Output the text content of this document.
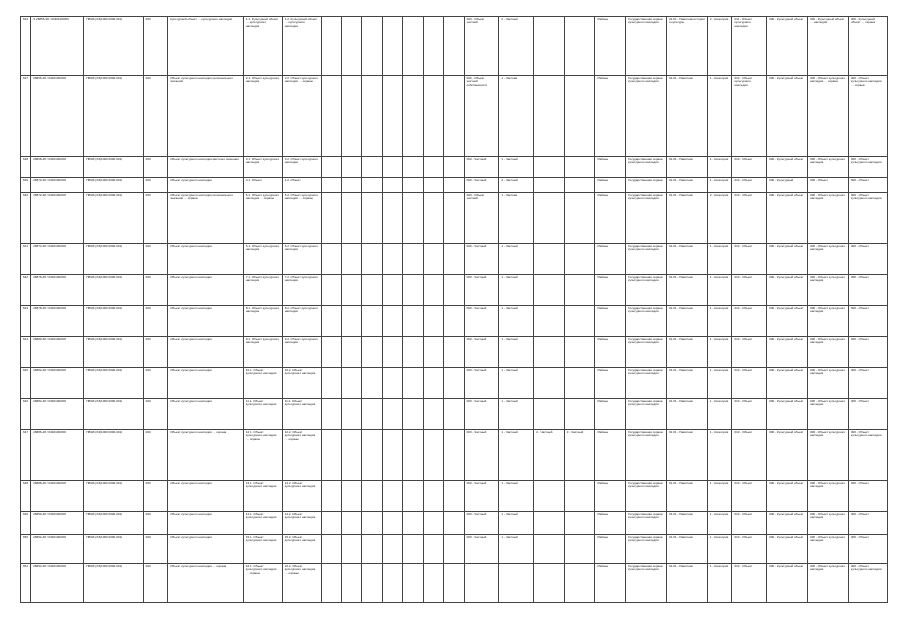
634	S 26855-48 / 03401000/00	ПВЭЗ (ХЗ(1000 0000-001)	К00	Культурный объект … культурного наследия	1.1. Культурный объект … культурного наследия	1.2. Культурный объект … культурного наследия								000 - Объект частной	2 - Частный			Районы	Государственная охрана культурного наследия	01.01 - Памятник истории и культуры	2 - Категория	011 - Объект культурного наследия	000 - Культурный объект	000 - Культурный объект … наследия	000 - Культурный объект … охрана
637	26866-48 / 03401000/00	ПВЭЗ (ХЗ(1000 0000-001)	К00	Объект культурного наследия регионального значения	2.1. Объект культурного наследия	2.2. Объект культурного наследия … охраны								000 - Объект частной собственности	1 - Частная			Районы	Государственная охрана культурного наследия	01.01 - Памятник	1 - Категория	010 - Объект культурного наследия	000 - Культурный объект	000 - Объект культурного наследия … охрана	000 - Объект культурного наследия … охрана
638	26868-48 / 03401000/00	ПВЭЗ (ХЗ(1000 0000-001)	К00	Объект культурного наследия местного значения	3.1. Объект культурного наследия	3.2. Объект культурного наследия								000 - Частный	1 - Частный			Районы	Государственная охрана культурного наследия	01.01 - Памятник	1 - Категория	010 - Объект	000 - Культурный объект	000 - Объект культурного наследия	000 - Объект культурного наследия
639	26870-48 / 03401000/00	ПВЭЗ (ХЗ(1000 0000-001)	К00	Объект культурного наследия	4.1. Объект	4.2. Объект								000 - Частный	2 - Частный			Районы	Государственная охрана	01.01 - Памятник	1 - Категория	010 - Объект	000 - Культурный	000 - Объект	000 - Объект
640	26872-48 / 03401000/00	ПВЭЗ (ХЗ(1000 0000-001)	К00	Объект культурного наследия регионального значения … охрана	5.1. Объект культурного наследия … охраны	5.2. Объект культурного наследия … охраны								000 - Объект частной	1 - Частная			Районы	Государственная охрана культурного наследия	01.01 - Памятник	2 - Категория	010 - Объект	000 - Культурный объект	000 - Объект культурного наследия	000 - Объект культурного наследия
641	26874-48 / 03401000/00	ПВЭЗ (ХЗ(1000 0000-001)	К00	Объект культурного наследия	6.1. Объект культурного наследия	6.2. Объект культурного наследия								000 - Частный	1 - Частный			Районы	Государственная охрана культурного наследия	01.01 - Памятник	1 - Категория	010 - Объект	000 - Культурный объект	000 - Объект культурного наследия	000 - Объект
642	26876-48 / 03401000/00	ПВЭЗ (ХЗ(1000 0000-001)	К00	Объект культурного наследия	7.1. Объект культурного наследия	7.2. Объект культурного наследия								000 - Частный	1 - Частный			Районы	Государственная охрана культурного наследия	01.01 - Памятник	1 - Категория	010 - Объект	000 - Культурный объект	000 - Объект культурного наследия	000 - Объект
643	26878-48 / 03401000/00	ПВЭЗ (ХЗ(1000 0000-001)	К00	Объект культурного наследия	8.1. Объект культурного наследия	8.2. Объект культурного наследия								000 - Частный	1 - Частный			Районы	Государственная охрана культурного наследия	01.01 - Памятник	1 - Категория	010 - Объект	000 - Культурный объект	000 - Объект культурного наследия	000 - Объект
644	26880-48 / 03401000/00	ПВЭЗ (ХЗ(1000 0000-001)	К00	Объект культурного наследия	9.1. Объект культурного наследия	9.2. Объект культурного наследия								000 - Частный	1 - Частный			Районы	Государственная охрана культурного наследия	01.01 - Памятник	1 - Категория	010 - Объект	000 - Культурный объект	000 - Объект культурного наследия	000 - Объект
645	26882-48 / 03401000/00	ПВЭЗ (ХЗ(1000 0000-001)	К00	Объект культурного наследия	10.1. Объект культурного наследия	10.2. Объект культурного наследия								000 - Частный	1 - Частный			Районы	Государственная охрана культурного наследия	01.01 - Памятник	1 - Категория	010 - Объект	000 - Культурный объект	000 - Объект культурного наследия	000 - Объект
646	26884-48 / 03401000/00	ПВЭЗ (ХЗ(1000 0000-001)	К00	Объект культурного наследия	11.1. Объект культурного наследия	11.2. Объект культурного наследия								000 - Частный	1 - Частный			Районы	Государственная охрана культурного наследия	01.01 - Памятник	1 - Категория	010 - Объект	000 - Культурный объект	000 - Объект культурного наследия	000 - Объект
647	26886-48 / 03401000/00	ПВЭЗ (ХЗ(1000 0000-001)	К00	Объект культурного наследия … охрана	12.1. Объект культурного наследия … охраны	12.2. Объект культурного наследия … охраны								000 - Частный	1 - Частный	2 - Частный	3 - Частный	Районы	Государственная охрана культурного наследия	01.01 - Памятник	1 - Категория	010 - Объект	000 - Культурный объект	000 - Объект культурного наследия	000 - Объект культурного наследия
648	26888-48 / 03401000/00	ПВЭЗ (ХЗ(1000 0000-001)	К00	Объект культурного наследия	13.1. Объект культурного наследия	13.2. Объект культурного наследия								000 - Частный	1 - Частный			Районы	Государственная охрана культурного наследия	01.01 - Памятник	1 - Категория	010 - Объект	000 - Культурный объект	000 - Объект культурного наследия	000 - Объект
649	26890-48 / 03401000/00	ПВЭЗ (ХЗ(1000 0000-001)	К00	Объект культурного наследия	14.1. Объект культурного наследия	14.2. Объект культурного наследия								000 - Частный	1 - Частный			Районы	Государственная охрана культурного наследия	01.01 - Памятник	1 - Категория	010 - Объект	000 - Культурный объект	000 - Объект культурного наследия	000 - Объект
650	26892-48 / 03401000/00	ПВЭЗ (ХЗ(1000 0000-001)	К00	Объект культурного наследия	15.1. Объект культурного наследия	15.2. Объект культурного наследия								000 - Частный	1 - Частный			Районы	Государственная охрана культурного наследия	01.01 - Памятник	1 - Категория	010 - Объект	000 - Культурный объект	000 - Объект культурного наследия	000 - Объект
651	26894-48 / 03401000/00	ПВЭЗ (ХЗ(1000 0000-001)	К00	Объект культурного наследия … охрана	16.1. Объект культурного наследия … охраны	16.2. Объект культурного наследия … охраны												Районы	Государственная охрана культурного наследия	01.01 - Памятник	1 - Категория	010 - Объект	000 - Культурный объект	000 - Объект культурного наследия	000 - Объект культурного наследия
